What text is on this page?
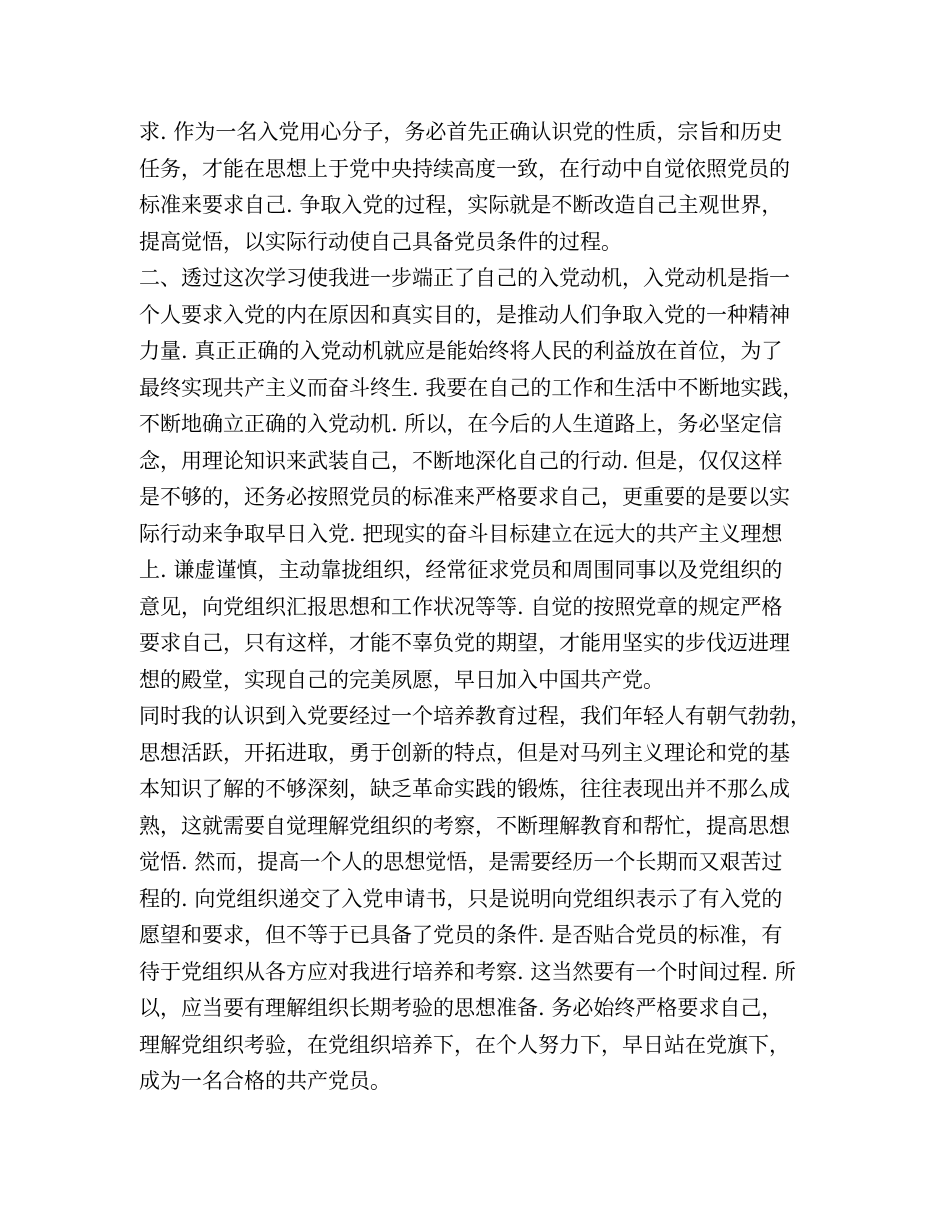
求. 作为一名入党用心分子，务必首先正确认识党的性质，宗旨和历史
任务，才能在思想上于党中央持续高度一致，在行动中自觉依照党员的
标准来要求自己. 争取入党的过程，实际就是不断改造自己主观世界，
提高觉悟，以实际行动使自己具备党员条件的过程。

二、透过这次学习使我进一步端正了自己的入党动机，入党动机是指一
个人要求入党的内在原因和真实目的，是推动人们争取入党的一种精神
力量. 真正正确的入党动机就应是能始终将人民的利益放在首位，为了
最终实现共产主义而奋斗终生. 我要在自己的工作和生活中不断地实践，
不断地确立正确的入党动机. 所以，在今后的人生道路上，务必坚定信
念，用理论知识来武装自己，不断地深化自己的行动. 但是，仅仅这样
是不够的，还务必按照党员的标准来严格要求自己，更重要的是要以实
际行动来争取早日入党. 把现实的奋斗目标建立在远大的共产主义理想
上. 谦虚谨慎，主动靠拢组织，经常征求党员和周围同事以及党组织的
意见，向党组织汇报思想和工作状况等等. 自觉的按照党章的规定严格
要求自己，只有这样，才能不辜负党的期望，才能用坚实的步伐迈进理
想的殿堂，实现自己的完美夙愿，早日加入中国共产党。

同时我的认识到入党要经过一个培养教育过程，我们年轻人有朝气勃勃，
思想活跃，开拓进取，勇于创新的特点，但是对马列主义理论和党的基
本知识了解的不够深刻，缺乏革命实践的锻炼，往往表现出并不那么成
熟，这就需要自觉理解党组织的考察，不断理解教育和帮忙，提高思想
觉悟. 然而，提高一个人的思想觉悟，是需要经历一个长期而又艰苦过
程的. 向党组织递交了入党申请书，只是说明向党组织表示了有入党的
愿望和要求，但不等于已具备了党员的条件. 是否贴合党员的标准，有
待于党组织从各方应对我进行培养和考察. 这当然要有一个时间过程. 所
以，应当要有理解组织长期考验的思想准备. 务必始终严格要求自己，
理解党组织考验，在党组织培养下，在个人努力下，早日站在党旗下，
成为一名合格的共产党员。
